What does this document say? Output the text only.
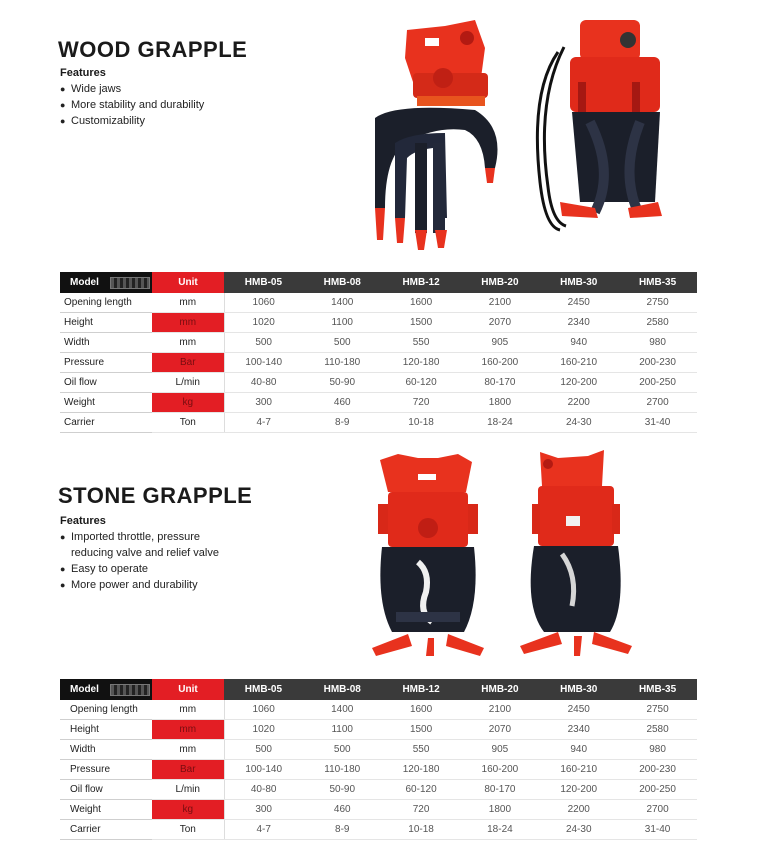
WOOD GRAPPLE
Features
● Wide jaws
● More stability and durability
● Customizability
Model	Unit	HMB-05	HMB-08	HMB-12	HMB-20	HMB-30	HMB-35
Opening length	mm	1060	1400	1600	2100	2450	2750
Height	mm	1020	1100	1500	2070	2340	2580
Width	mm	500	500	550	905	940	980
Pressure	Bar	100-140	110-180	120-180	160-200	160-210	200-230
Oil flow	L/min	40-80	50-90	60-120	80-170	120-200	200-250
Weight	kg	300	460	720	1800	2200	2700
Carrier	Ton	4-7	8-9	10-18	18-24	24-30	31-40
STONE GRAPPLE
Features
● Imported throttle, pressure
reducing valve and relief valve
● Easy to operate
● More power and durability
Model	Unit	HMB-05	HMB-08	HMB-12	HMB-20	HMB-30	HMB-35
Opening length	mm	1060	1400	1600	2100	2450	2750
Height	mm	1020	1100	1500	2070	2340	2580
Width	mm	500	500	550	905	940	980
Pressure	Bar	100-140	110-180	120-180	160-200	160-210	200-230
Oil flow	L/min	40-80	50-90	60-120	80-170	120-200	200-250
Weight	kg	300	460	720	1800	2200	2700
Carrier	Ton	4-7	8-9	10-18	18-24	24-30	31-40
